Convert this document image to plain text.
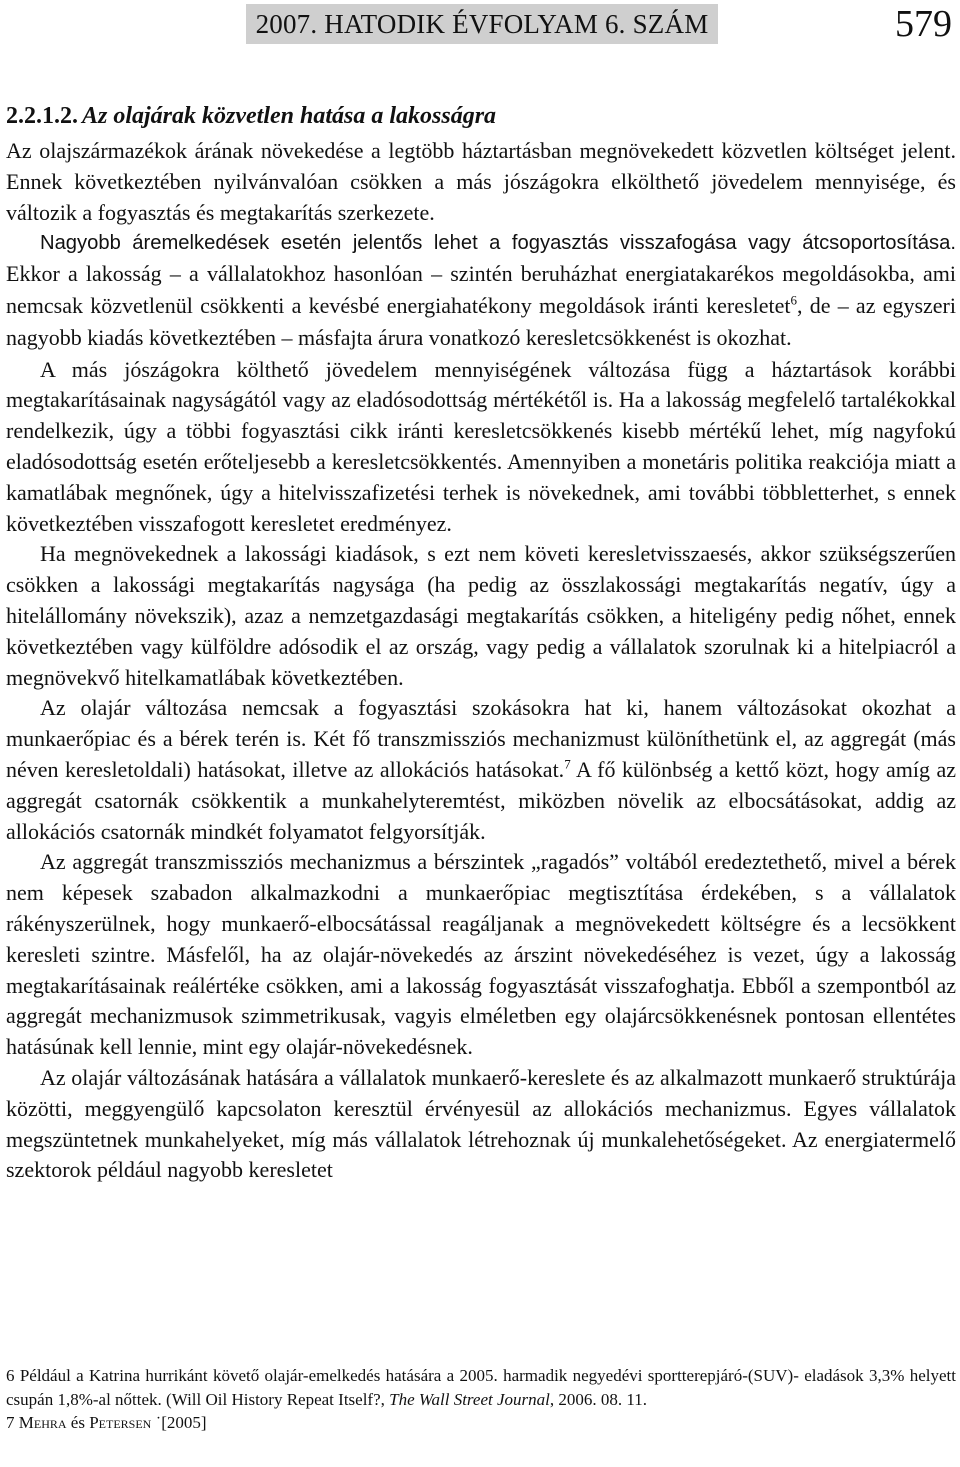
2007. HATODIK ÉVFOLYAM 6. SZÁM	579
2.2.1.2. Az olajárak közvetlen hatása a lakosságra

Az olajszármazékok árának növekedése a legtöbb háztartásban megnövekedett közvetlen költséget jelent. Ennek következtében nyilvánvalóan csökken a más jószágokra elkölthető jövedelem mennyisége, és változik a fogyasztás és megtakarítás szerkezete.

Nagyobb áremelkedések esetén jelentős lehet a fogyasztás visszafogása vagy átcsoportosítása. Ekkor a lakosság – a vállalatokhoz hasonlóan – szintén beruházhat energiatakarékos megoldásokba, ami nemcsak közvetlenül csökkenti a kevésbé energiahatékony megoldások iránti keresletet$^6$, de – az egyszeri nagyobb kiadás következtében – másfajta árura vonatkozó keresletcsökkenést is okozhat.

A más jószágokra költhető jövedelem mennyiségének változása függ a háztartások korábbi megtakarításainak nagyságától vagy az eladósodottság mértékétől is. Ha a lakosság megfelelő tartalékokkal rendelkezik, úgy a többi fogyasztási cikk iránti keresletcsökkenés kisebb mértékű lehet, míg nagyfokú eladósodottság esetén erőteljesebb a keresletcsökkentés. Amennyiben a monetáris politika reakciója miatt a kamatlábak megnőnek, úgy a hitelvisszafizetési terhek is növekednek, ami további többletterhet, s ennek következtében visszafogott keresletet eredményez.

Ha megnövekednek a lakossági kiadások, s ezt nem követi keresletvisszaesés, akkor szükségszerűen csökken a lakossági megtakarítás nagysága (ha pedig az összlakossági megtakarítás negatív, úgy a hitelállomány növekszik), azaz a nemzetgazdasági megtakarítás csökken, a hiteligény pedig nőhet, ennek következtében vagy külföldre adósodik el az ország, vagy pedig a vállalatok szorulnak ki a hitelpiacról a megnövekvő hitelkamatlábak következtében.

Az olajár változása nemcsak a fogyasztási szokásokra hat ki, hanem változásokat okozhat a munkaerőpiac és a bérek terén is. Két fő transzmissziós mechanizmust különíthetünk el, az aggregát (más néven keresletoldali) hatásokat, illetve az allokációs hatásokat.$^7$ A fő különbség a kettő közt, hogy amíg az aggregát csatornák csökkentik a munkahelyteremtést, miközben növelik az elbocsátásokat, addig az allokációs csatornák mindkét folyamatot felgyorsítják.

Az aggregát transzmissziós mechanizmus a bérszintek „ragadós” voltából eredeztethető, mivel a bérek nem képesek szabadon alkalmazkodni a munkaerőpiac megtisztítása érdekében, s a vállalatok rákényszerülnek, hogy munkaerő-elbocsátással reagáljanak a megnövekedett költségre és a lecsökkent keresleti szintre. Másfelől, ha az olajár-növekedés az árszint növekedéséhez is vezet, úgy a lakosság megtakarításainak reálértéke csökken, ami a lakosság fogyasztását visszafoghatja. Ebből a szempontból az aggregát mechanizmusok szimmetrikusak, vagyis elméletben egy olajárcsökkenésnek pontosan ellentétes hatásúnak kell lennie, mint egy olajár-növekedésnek.

Az olajár változásának hatására a vállalatok munkaerő-kereslete és az alkalmazott munkaerő struktúrája közötti, meggyengülő kapcsolaton keresztül érvényesül az allokációs mechanizmus. Egyes vállalatok megszüntetnek munkahelyeket, míg más vállalatok létrehoznak új munkalehetőségeket. Az energiatermelő szektorok például nagyobb keresletet

6 Például a Katrina hurrikánt követő olajár-emelkedés hatására a 2005. harmadik negyedévi sportterepjáró-(SUV)- eladások 3,3% helyett csupán 1,8%-al nőttek. (Will Oil History Repeat Itself?, The Wall Street Journal, 2006. 08. 11.

7 Mehra és Petersen ˙[2005]
